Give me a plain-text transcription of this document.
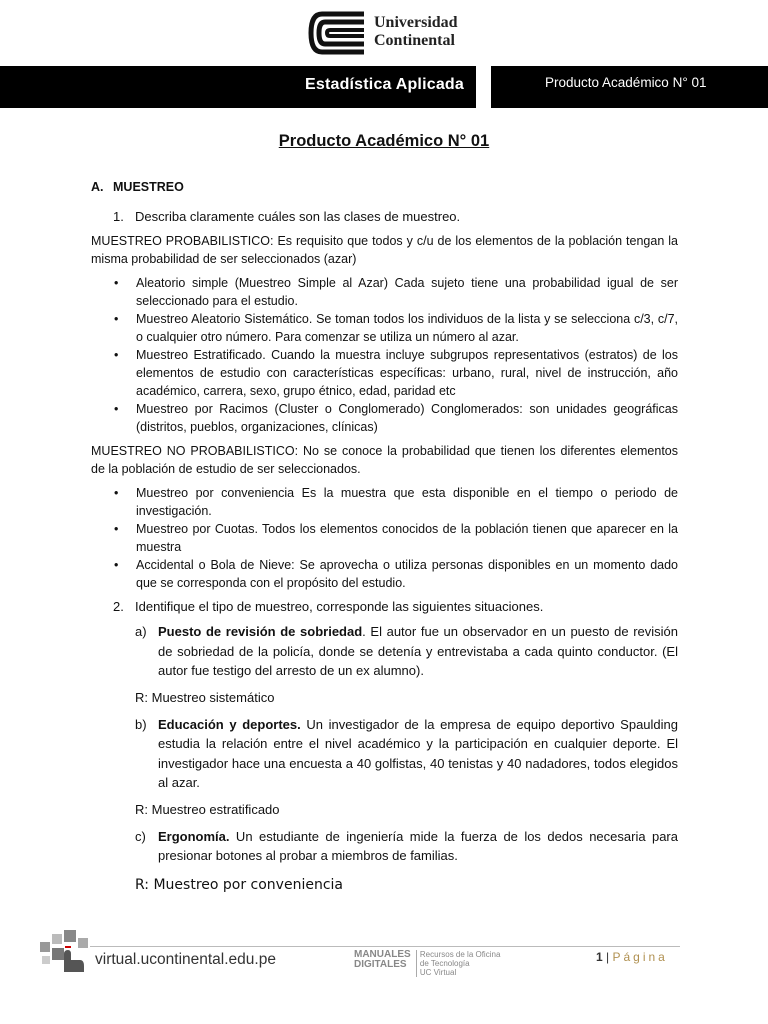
Universidad
Continental
Estadística Aplicada	Producto Académico N° 01
Producto Académico N° 01
A. MUESTREO
1. Describa claramente cuáles son las clases de muestreo.

MUESTREO PROBABILISTICO: Es requisito que todos y c/u de los elementos de la población tengan la misma probabilidad de ser seleccionados (azar)

• Aleatorio simple (Muestreo Simple al Azar) Cada sujeto tiene una probabilidad igual de ser seleccionado para el estudio.
• Muestreo Aleatorio Sistemático. Se toman todos los individuos de la lista y se selecciona c/3, c/7, o cualquier otro número. Para comenzar se utiliza un número al azar.
• Muestreo Estratificado. Cuando la muestra incluye subgrupos representativos (estratos) de los elementos de estudio con características específicas: urbano, rural, nivel de instrucción, año académico, carrera, sexo, grupo étnico, edad, paridad etc
• Muestreo por Racimos (Cluster o Conglomerado) Conglomerados: son unidades geográficas (distritos, pueblos, organizaciones, clínicas)

MUESTREO NO PROBABILISTICO: No se conoce la probabilidad que tienen los diferentes elementos de la población de estudio de ser seleccionados.

• Muestreo por conveniencia Es la muestra que esta disponible en el tiempo o periodo de investigación.
• Muestreo por Cuotas. Todos los elementos conocidos de la población tienen que aparecer en la muestra
• Accidental o Bola de Nieve: Se aprovecha o utiliza personas disponibles en un momento dado que se corresponda con el propósito del estudio.
2. Identifique el tipo de muestreo, corresponde las siguientes situaciones.
a) Puesto de revisión de sobriedad. El autor fue un observador en un puesto de revisión de sobriedad de la policía, donde se detenía y entrevistaba a cada quinto conductor. (El autor fue testigo del arresto de un ex alumno).
R: Muestreo sistemático
b) Educación y deportes. Un investigador de la empresa de equipo deportivo Spaulding estudia la relación entre el nivel académico y la participación en cualquier deporte. El investigador hace una encuesta a 40 golfistas, 40 tenistas y 40 nadadores, todos elegidos al azar.
R: Muestreo estratificado
c) Ergonomía. Un estudiante de ingeniería mide la fuerza de los dedos necesaria para presionar botones al probar a miembros de familias.
R: Muestreo por conveniencia
virtual.ucontinental.edu.pe	MANUALES
DIGITALES

Recursos de la Oficina
de Tecnología
UC Virtual
1 | Página
